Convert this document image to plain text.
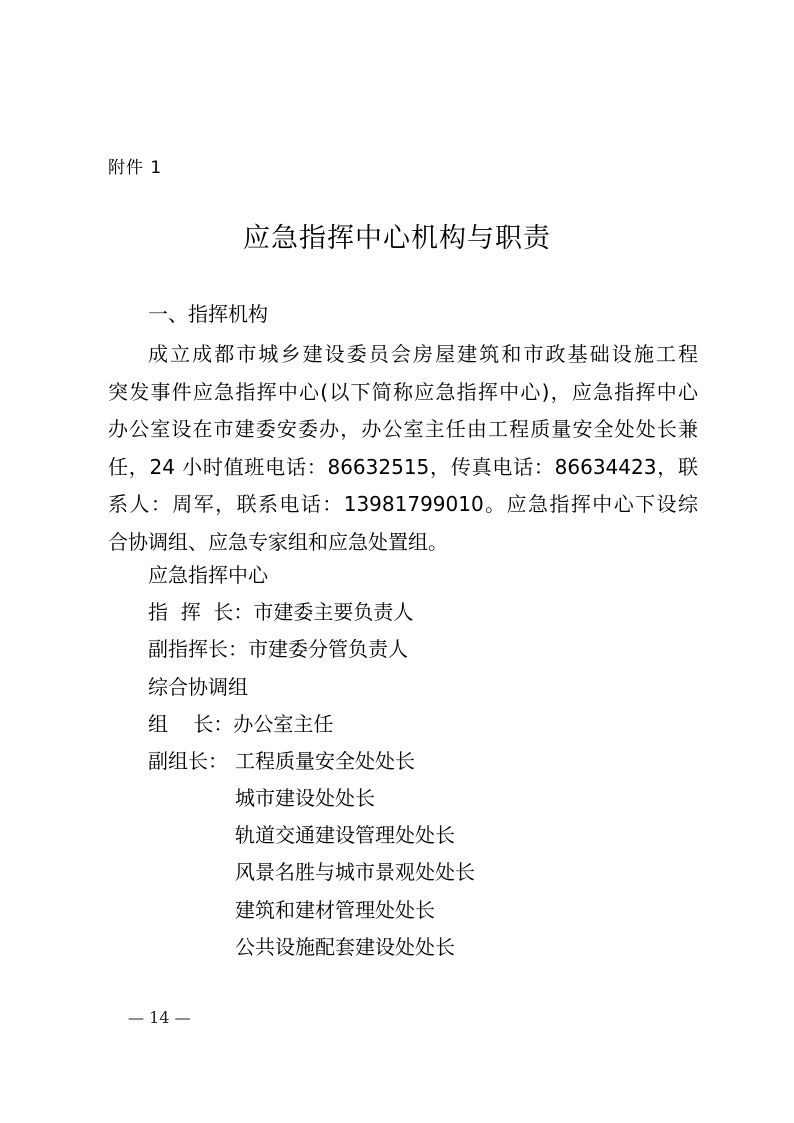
附件 1
应急指挥中心机构与职责
一、指挥机构

成立成都市城乡建设委员会房屋建筑和市政基础设施工程

突发事件应急指挥中心(以下简称应急指挥中心)，应急指挥中心

办公室设在市建委安委办，办公室主任由工程质量安全处处长兼

任，24 小时值班电话：86632515，传真电话：86634423，联

系人：周军，联系电话：13981799010。应急指挥中心下设综

合协调组、应急专家组和应急处置组。

应急指挥中心
指  挥  长：市建委主要负责人
副指挥长：市建委分管负责人
综合协调组
组    长：办公室主任
副组长： 工程质量安全处处长
城市建设处处长
轨道交通建设管理处处长
风景名胜与城市景观处处长
建筑和建材管理处处长
公共设施配套建设处处长
— 14 —
